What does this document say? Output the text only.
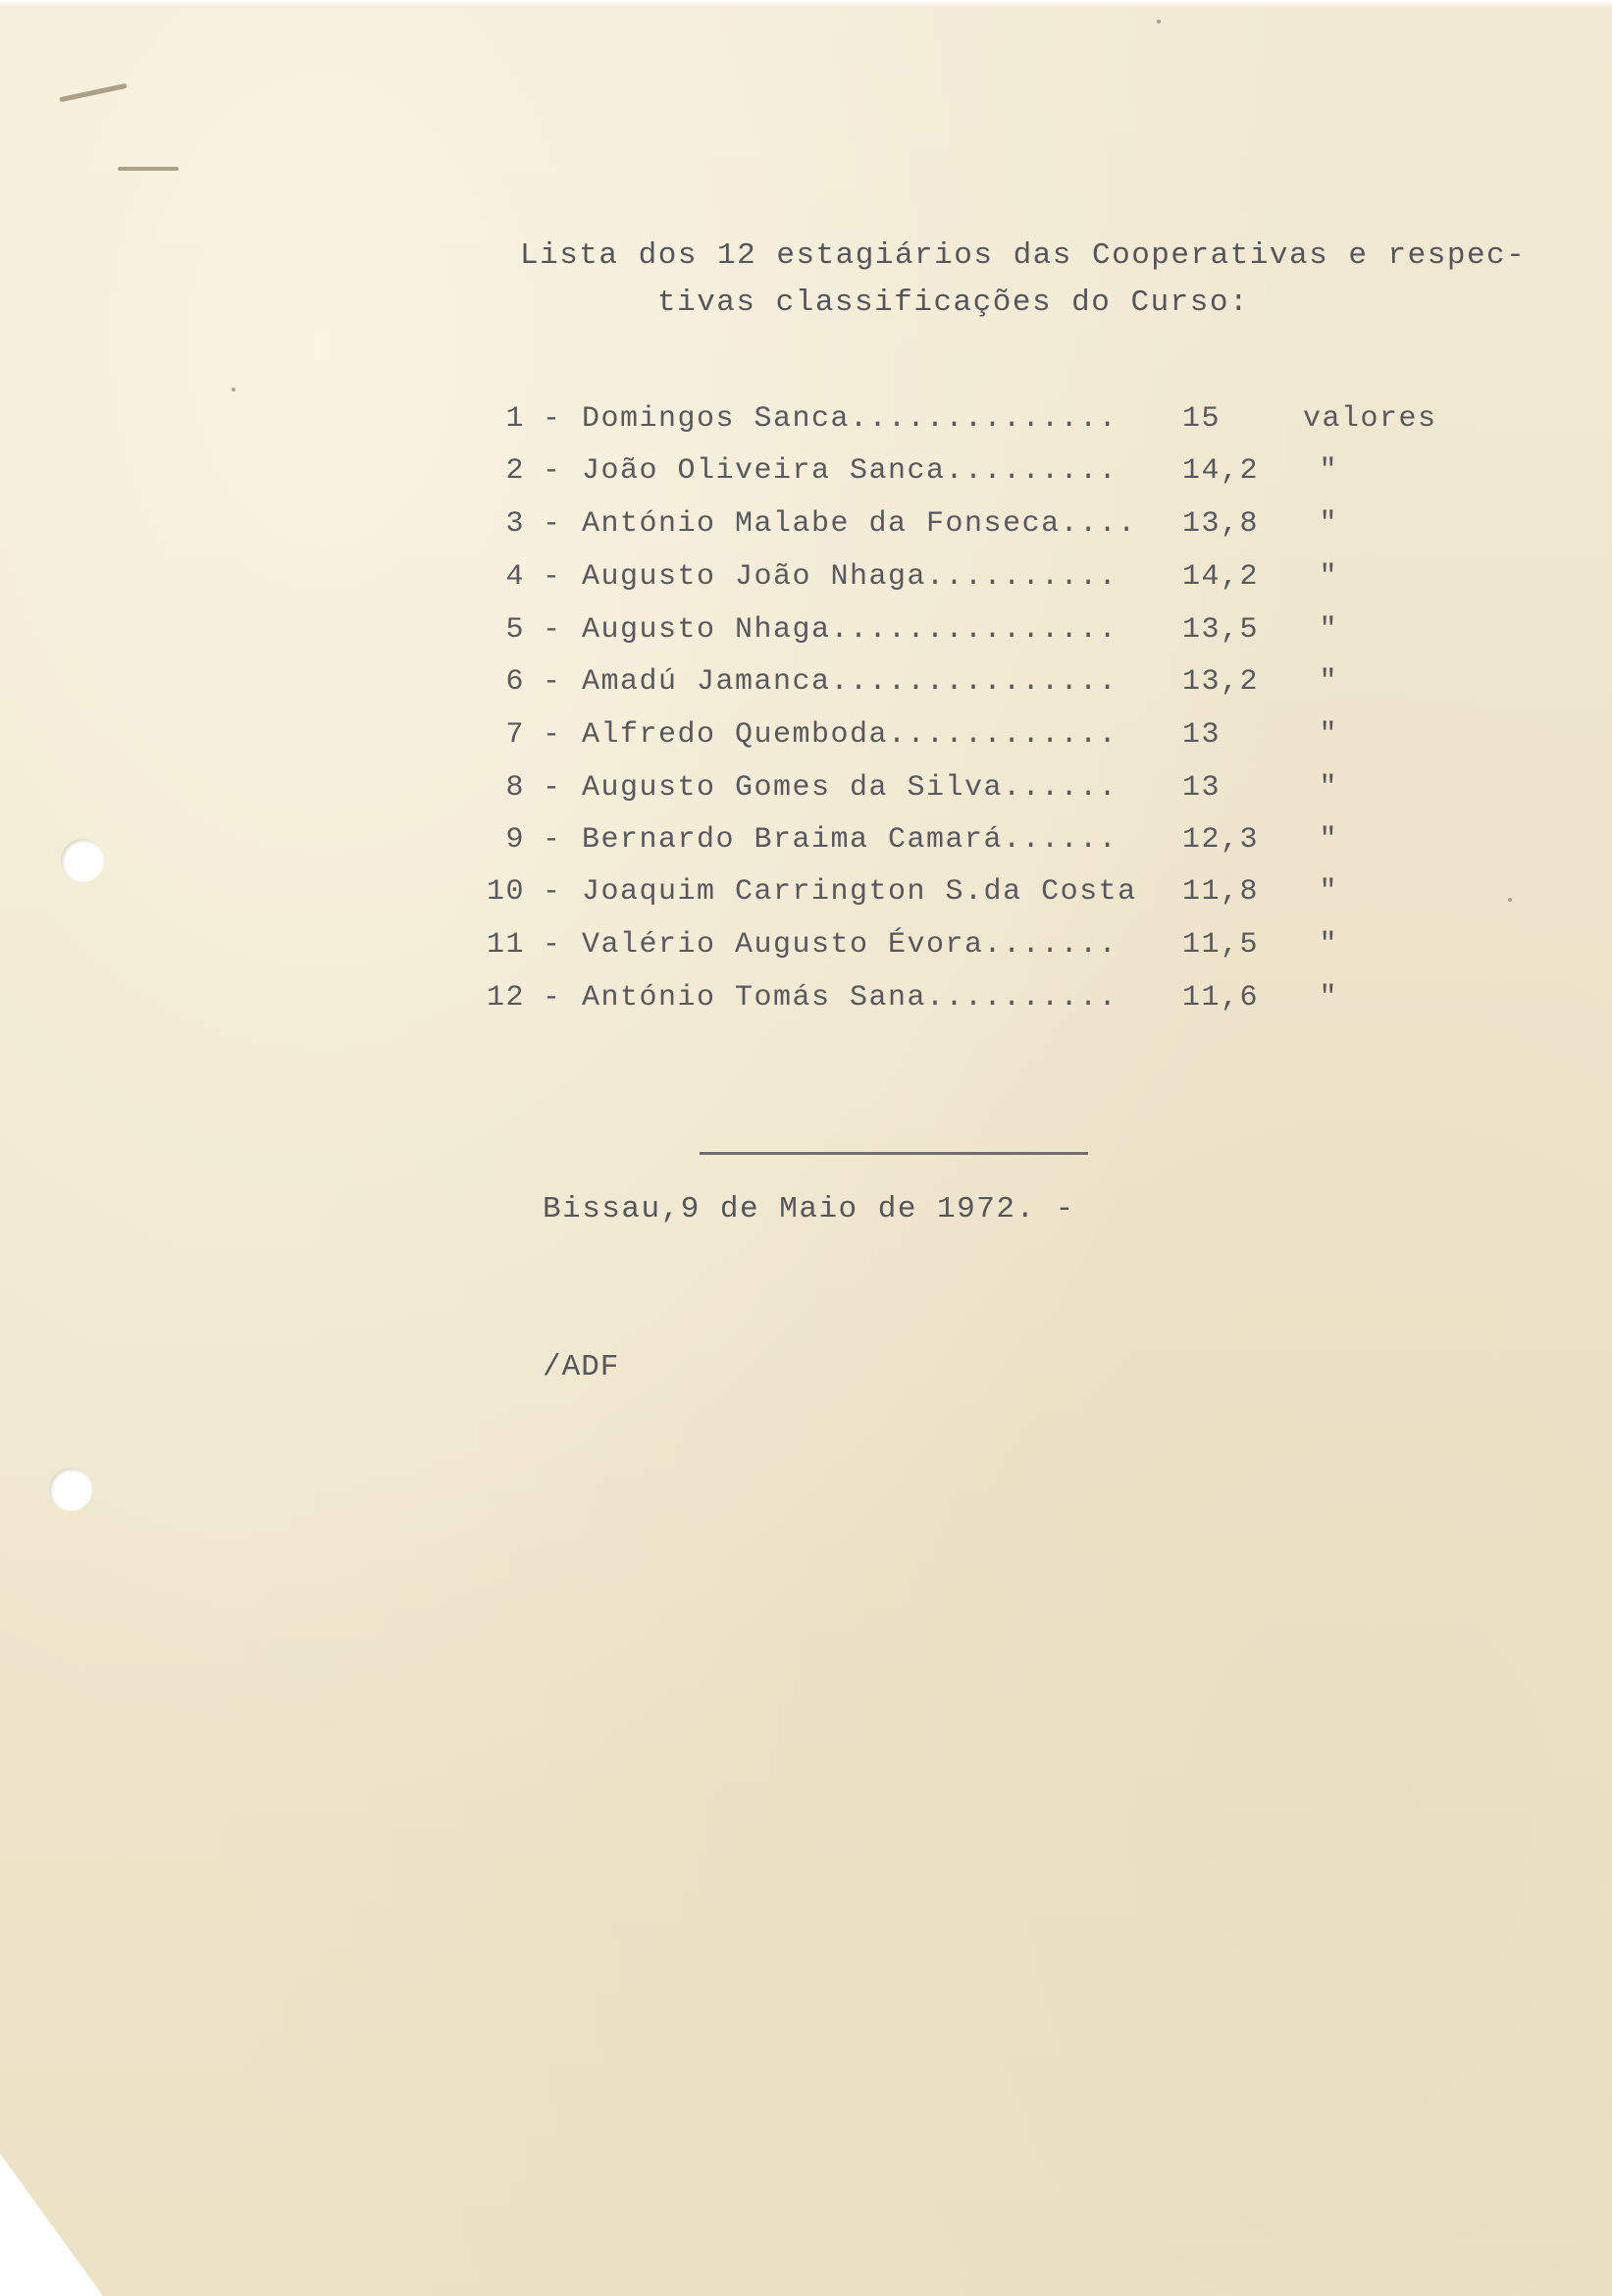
Lista dos 12 estagiários das Cooperativas e respec-
tivas classificações do Curso:
1 - Domingos Sanca.............. 15	valores
2 - João Oliveira Sanca......... 14,2	"
3 - António Malabe da Fonseca.... 13,8	"
4 - Augusto João Nhaga.......... 14,2	"
5 - Augusto Nhaga............... 13,5	"
6 - Amadú Jamanca............... 13,2	"
7 - Alfredo Quemboda............ 13	"
8 - Augusto Gomes da Silva...... 13	"
9 - Bernardo Braima Camará...... 12,3	"
10 - Joaquim Carrington S.da Costa 11,8	"
11 - Valério Augusto Évora....... 11,5	"
12 - António Tomás Sana.......... 11,6	"
Bissau,9 de Maio de 1972. -
/ADF
